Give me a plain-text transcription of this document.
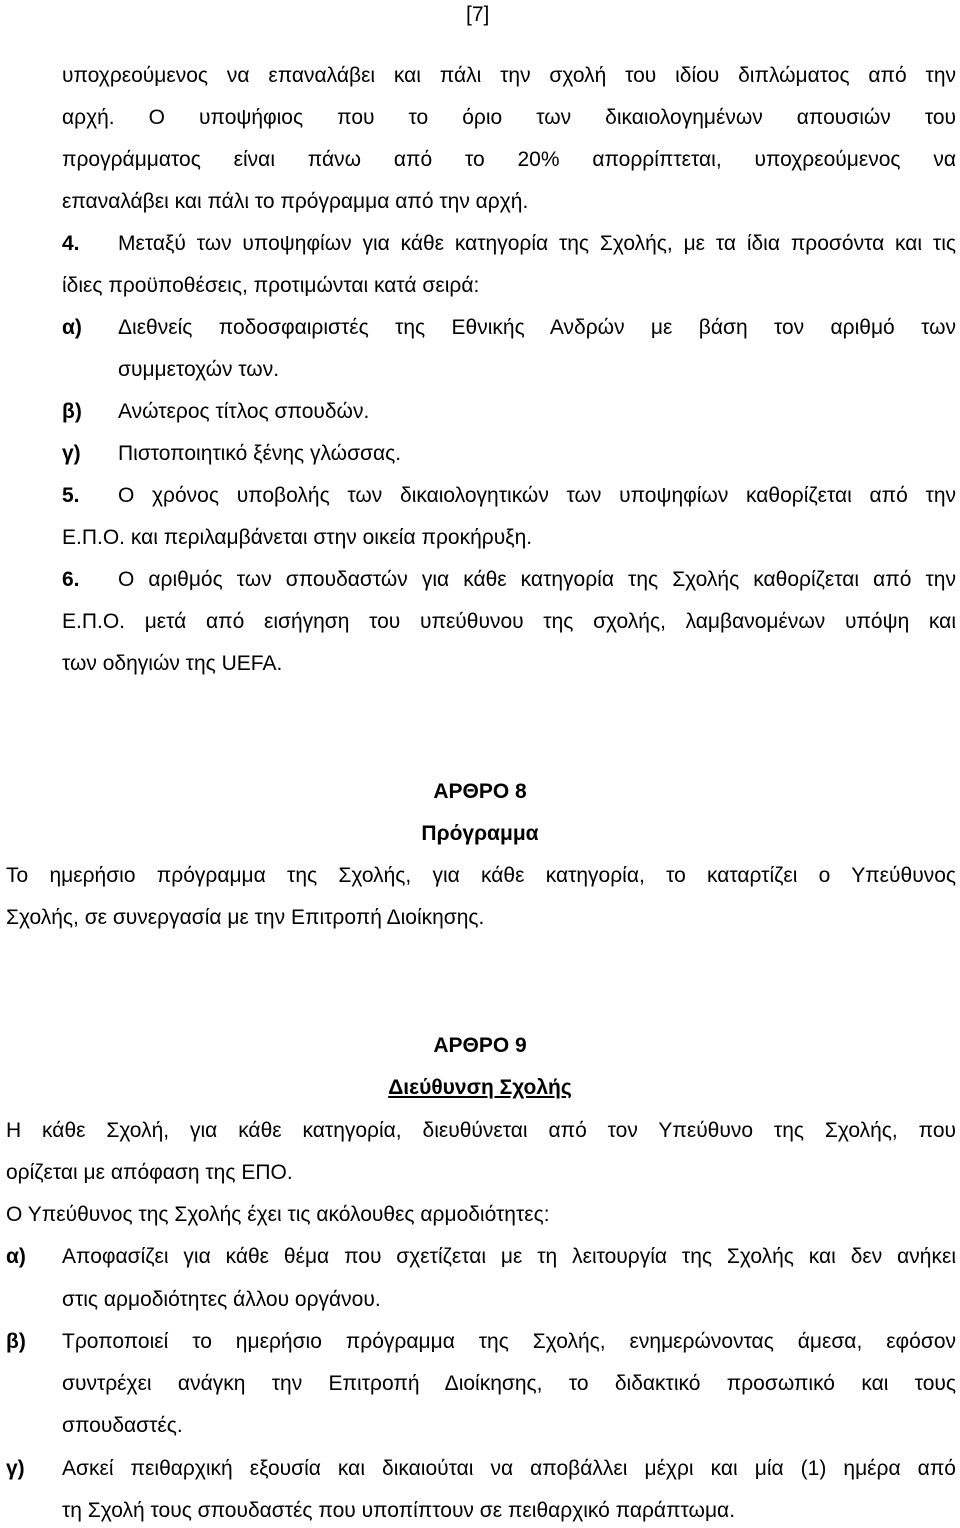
[7]
υποχρεούμενος να επαναλάβει και πάλι την σχολή του ιδίου διπλώματος από την
αρχή. Ο υποψήφιος που το όριο των δικαιολογημένων απουσιών του
προγράμματος είναι πάνω από το 20% απορρίπτεται, υποχρεούμενος να
επαναλάβει και πάλι το πρόγραμμα από την αρχή.
4. Μεταξύ των υποψηφίων για κάθε κατηγορία της Σχολής, με τα ίδια προσόντα και τις
ίδιες προϋποθέσεις, προτιμώνται κατά σειρά:
α) Διεθνείς ποδοσφαιριστές της Εθνικής Ανδρών με βάση τον αριθμό των
συμμετοχών των.
β) Ανώτερος τίτλος σπουδών.
γ) Πιστοποιητικό ξένης γλώσσας.
5. Ο χρόνος υποβολής των δικαιολογητικών των υποψηφίων καθορίζεται από την
Ε.Π.Ο. και περιλαμβάνεται στην οικεία προκήρυξη.
6. Ο αριθμός των σπουδαστών για κάθε κατηγορία της Σχολής καθορίζεται από την
Ε.Π.Ο. μετά από εισήγηση του υπεύθυνου της σχολής, λαμβανομένων υπόψη και
των οδηγιών της UEFA.
ΑΡΘΡΟ 8
Πρόγραμμα
Το ημερήσιο πρόγραμμα της Σχολής, για κάθε κατηγορία, το καταρτίζει ο Υπεύθυνος
Σχολής, σε συνεργασία με την Επιτροπή Διοίκησης.
ΑΡΘΡΟ 9
Διεύθυνση Σχολής
Η κάθε Σχολή, για κάθε κατηγορία, διευθύνεται από τον Υπεύθυνο της Σχολής, που
ορίζεται με απόφαση της ΕΠΟ.
Ο Υπεύθυνος της Σχολής έχει τις ακόλουθες αρμοδιότητες:
α) Αποφασίζει για κάθε θέμα που σχετίζεται με τη λειτουργία της Σχολής και δεν ανήκει
στις αρμοδιότητες άλλου οργάνου.
β) Τροποποιεί το ημερήσιο πρόγραμμα της Σχολής, ενημερώνοντας άμεσα, εφόσον
συντρέχει ανάγκη την Επιτροπή Διοίκησης, το διδακτικό προσωπικό και τους
σπουδαστές.
γ) Ασκεί πειθαρχική εξουσία και δικαιούται να αποβάλλει μέχρι και μία (1) ημέρα από
τη Σχολή τους σπουδαστές που υποπίπτουν σε πειθαρχικό παράπτωμα.
